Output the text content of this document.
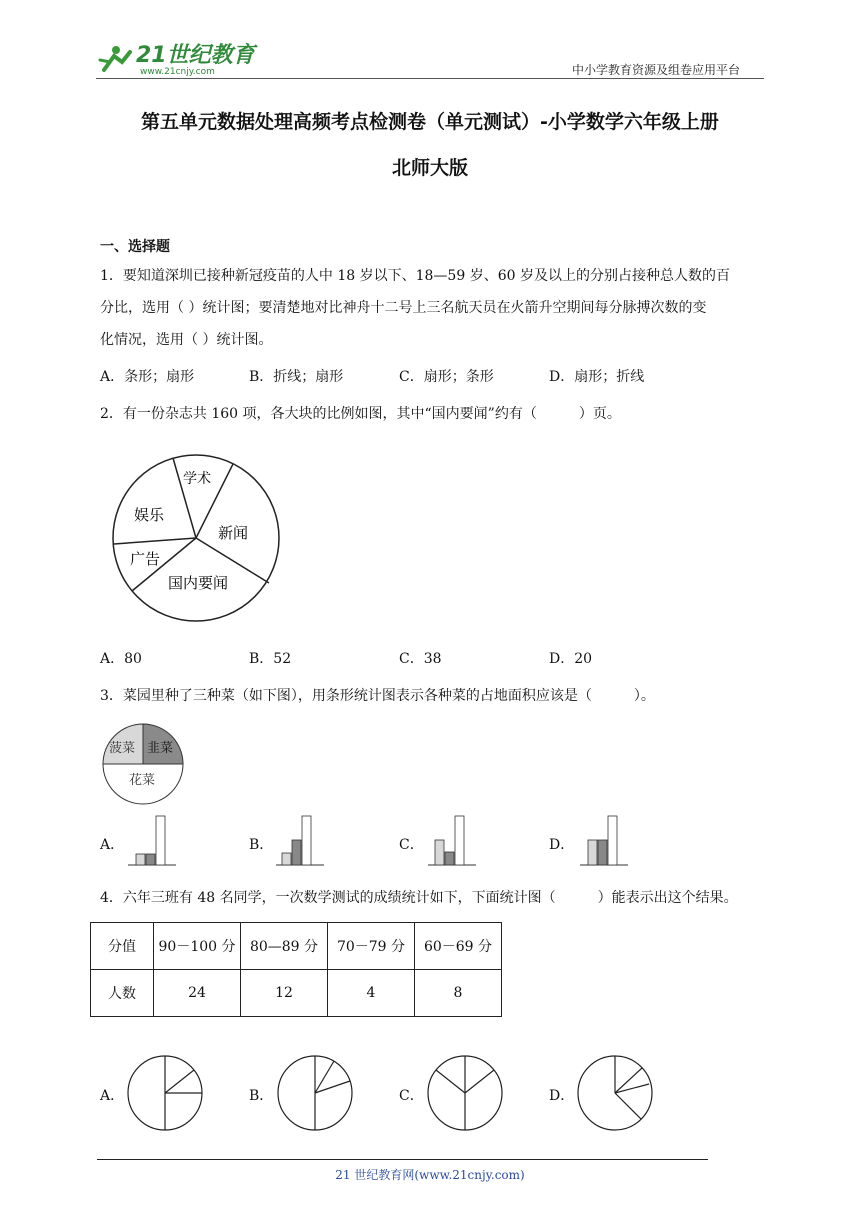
21世纪教育
www.21cnjy.com	中小学教育资源及组卷应用平台
第五单元数据处理高频考点检测卷（单元测试）-小学数学六年级上册
北师大版
一、选择题
1．要知道深圳已接种新冠疫苗的人中 18 岁以下、18—59 岁、60 岁及以上的分别占接种总人数的百
分比，选用（ ）统计图；要清楚地对比神舟十二号上三名航天员在火箭升空期间每分脉搏次数的变
化情况，选用（ ）统计图。
A．条形；扇形	B．折线；扇形	C．扇形；条形	D．扇形；折线
2．有一份杂志共 160 项，各大块的比例如图，其中“国内要闻”约有（　　　）页。
学术
娱乐
新闻
广告
国内要闻
A．80	B．52	C．38	D．20
3．菜园里种了三种菜（如下图），用条形统计图表示各种菜的占地面积应该是（　　　）。
菠菜 韭菜
花菜
A．	B．	C．	D．
4．六年三班有 48 名同学，一次数学测试的成绩统计如下，下面统计图（　　　）能表示出这个结果。
分值	90－100 分	80—89 分	70－79 分	60－69 分
人数	24	12	4	8
A．	B．	C．	D．
21 世纪教育网(www.21cnjy.com)
